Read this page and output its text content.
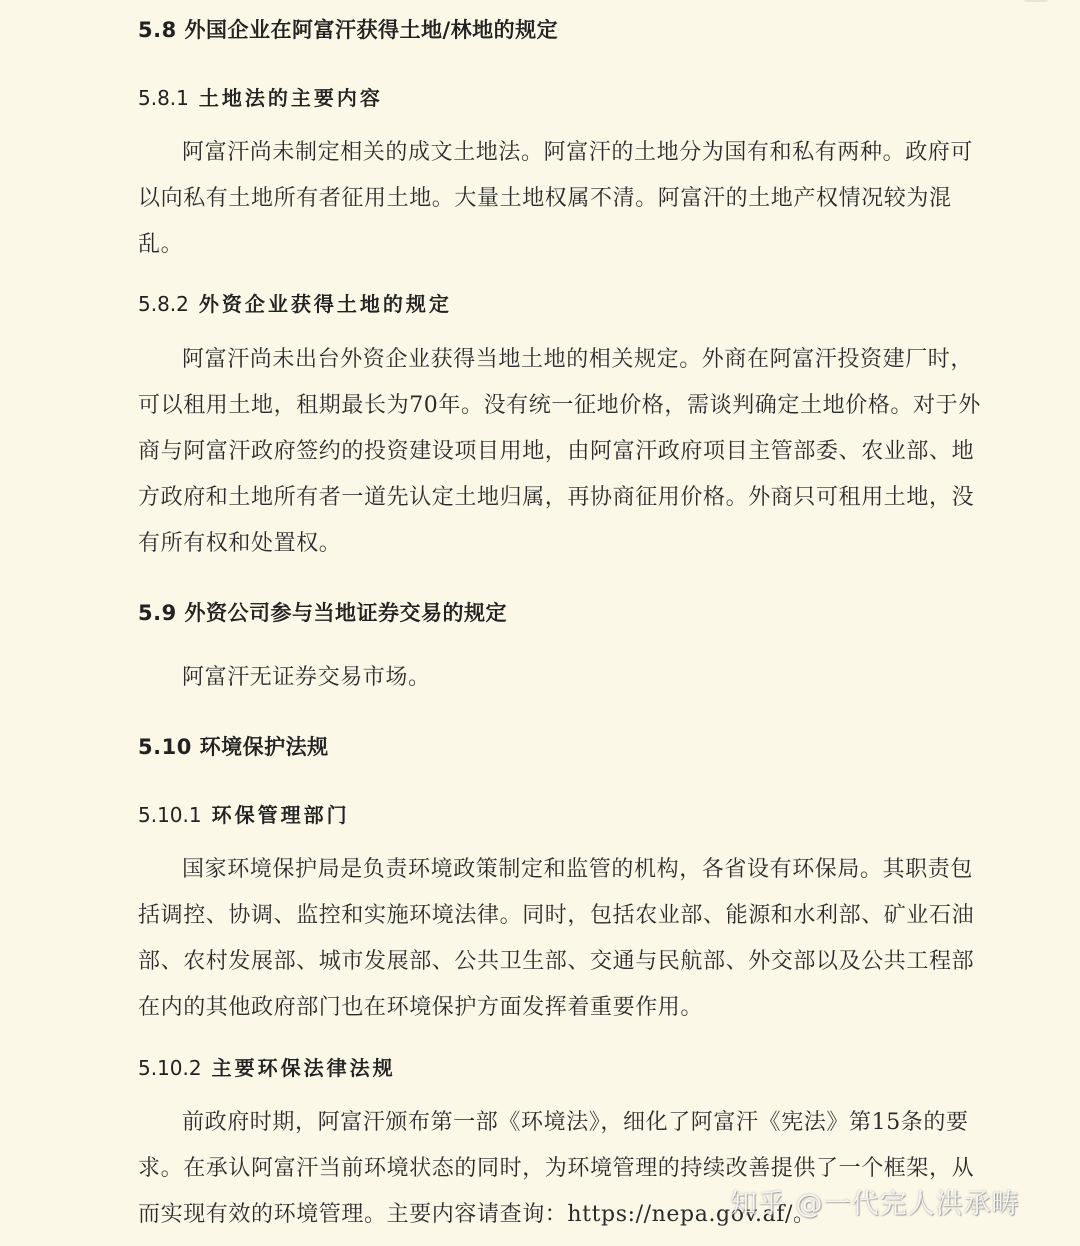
5.8 外国企业在阿富汗获得土地/林地的规定
5.8.1 土地法的主要内容
阿富汗尚未制定相关的成文土地法。阿富汗的土地分为国有和私有两种。政府可
以向私有土地所有者征用土地。大量土地权属不清。阿富汗的土地产权情况较为混
乱。
5.8.2 外资企业获得土地的规定
阿富汗尚未出台外资企业获得当地土地的相关规定。外商在阿富汗投资建厂时，
可以租用土地，租期最长为70年。没有统一征地价格，需谈判确定土地价格。对于外
商与阿富汗政府签约的投资建设项目用地，由阿富汗政府项目主管部委、农业部、地
方政府和土地所有者一道先认定土地归属，再协商征用价格。外商只可租用土地，没
有所有权和处置权。
5.9 外资公司参与当地证券交易的规定
阿富汗无证券交易市场。
5.10 环境保护法规
5.10.1 环保管理部门
国家环境保护局是负责环境政策制定和监管的机构，各省设有环保局。其职责包
括调控、协调、监控和实施环境法律。同时，包括农业部、能源和水利部、矿业石油
部、农村发展部、城市发展部、公共卫生部、交通与民航部、外交部以及公共工程部
在内的其他政府部门也在环境保护方面发挥着重要作用。
5.10.2 主要环保法律法规
前政府时期，阿富汗颁布第一部《环境法》，细化了阿富汗《宪法》第15条的要
求。在承认阿富汗当前环境状态的同时，为环境管理的持续改善提供了一个框架，从
而实现有效的环境管理。主要内容请查询：https://nepa.gov.af/。
知乎 @一代完人洪承畴
